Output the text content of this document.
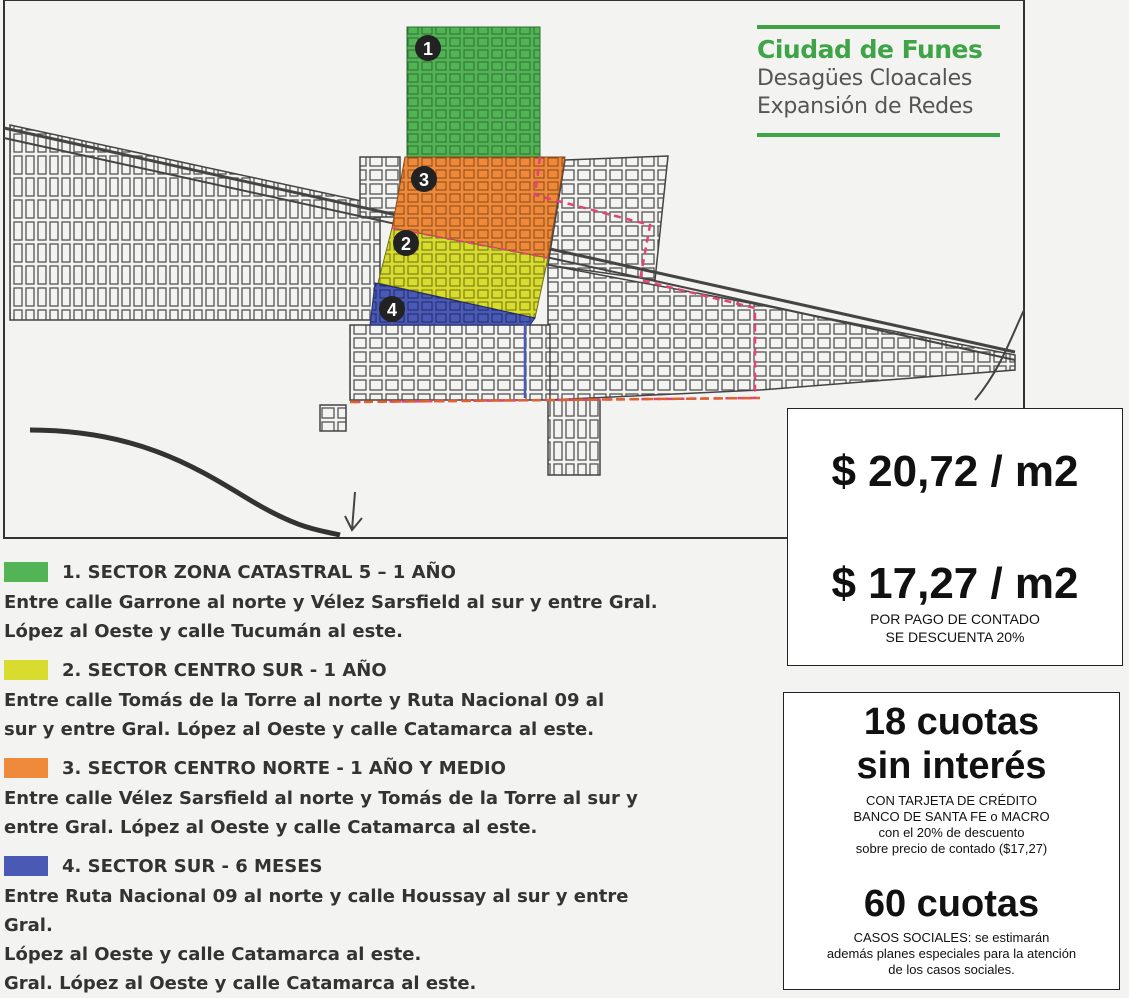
1
3
2
4
Ciudad de Funes
Desagües Cloacales
Expansión de Redes
1. SECTOR ZONA CATASTRAL 5 – 1 AÑO
Entre calle Garrone al norte y Vélez Sarsfield al sur y entre Gral.
López al Oeste y calle Tucumán al este.
2. SECTOR CENTRO SUR - 1 AÑO
Entre calle Tomás de la Torre al norte y Ruta Nacional 09 al
sur y entre Gral. López al Oeste y calle Catamarca al este.
3. SECTOR CENTRO NORTE - 1 AÑO Y MEDIO
Entre calle Vélez Sarsfield al norte y Tomás de la Torre al sur y
entre Gral. López al Oeste y calle Catamarca al este.
4. SECTOR SUR - 6 MESES
Entre Ruta Nacional 09 al norte y calle Houssay al sur y entre
Gral.
López al Oeste y calle Catamarca al este.
Gral. López al Oeste y calle Catamarca al este.
$ 20,72 / m2
$ 17,27 / m2
POR PAGO DE CONTADO
SE DESCUENTA 20%
18 cuotas
sin interés
CON TARJETA DE CRÉDITO
BANCO DE SANTA FE o MACRO
con el 20% de descuento
sobre precio de contado ($17,27)
60 cuotas
CASOS SOCIALES: se estimarán
además planes especiales para la atención
de los casos sociales.
